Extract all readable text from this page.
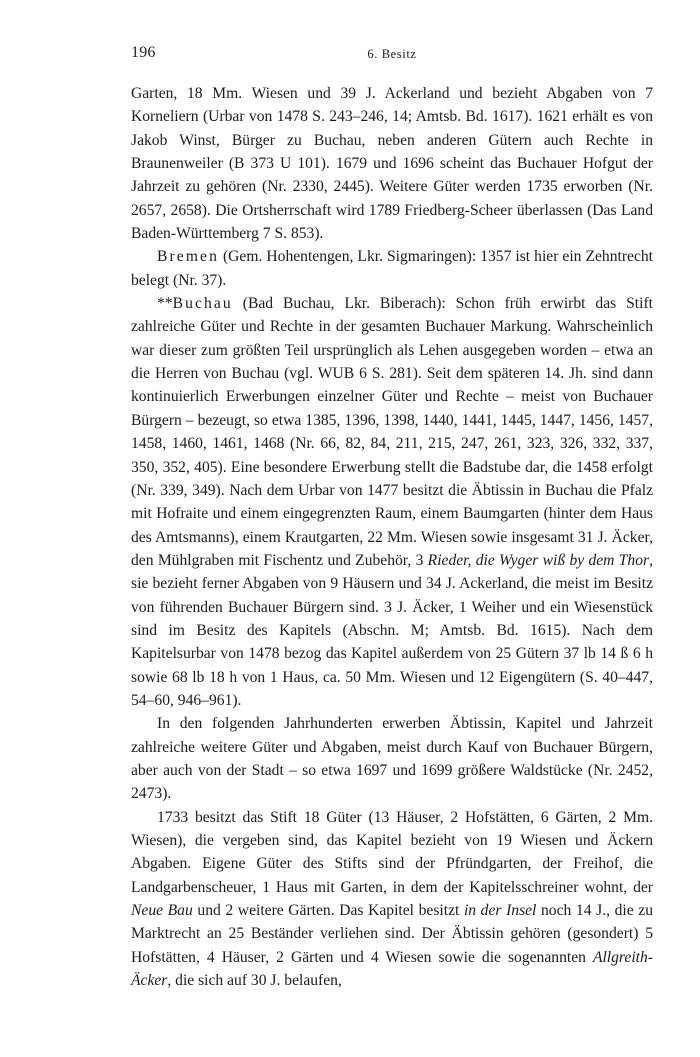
196	6. Besitz

Garten, 18 Mm. Wiesen und 39 J. Ackerland und bezieht Abgaben von 7 Korneliern (Urbar von 1478 S. 243–246, 14; Amtsb. Bd. 1617). 1621 erhält es von Jakob Winst, Bürger zu Buchau, neben anderen Gütern auch Rechte in Braunenweiler (B 373 U 101). 1679 und 1696 scheint das Buchauer Hofgut der Jahrzeit zu gehören (Nr. 2330, 2445). Weitere Güter werden 1735 erworben (Nr. 2657, 2658). Die Ortsherrschaft wird 1789 Friedberg-Scheer überlassen (Das Land Baden-Württemberg 7 S. 853).

Bremen (Gem. Hohentengen, Lkr. Sigmaringen): 1357 ist hier ein Zehntrecht belegt (Nr. 37).

**Buchau (Bad Buchau, Lkr. Biberach): Schon früh erwirbt das Stift zahlreiche Güter und Rechte in der gesamten Buchauer Markung. Wahrscheinlich war dieser zum größten Teil ursprünglich als Lehen ausgegeben worden – etwa an die Herren von Buchau (vgl. WUB 6 S. 281). Seit dem späteren 14. Jh. sind dann kontinuierlich Erwerbungen einzelner Güter und Rechte – meist von Buchauer Bürgern – bezeugt, so etwa 1385, 1396, 1398, 1440, 1441, 1445, 1447, 1456, 1457, 1458, 1460, 1461, 1468 (Nr. 66, 82, 84, 211, 215, 247, 261, 323, 326, 332, 337, 350, 352, 405). Eine besondere Erwerbung stellt die Badstube dar, die 1458 erfolgt (Nr. 339, 349). Nach dem Urbar von 1477 besitzt die Äbtissin in Buchau die Pfalz mit Hofraite und einem eingegrenzten Raum, einem Baumgarten (hinter dem Haus des Amtsmanns), einem Krautgarten, 22 Mm. Wiesen sowie insgesamt 31 J. Äcker, den Mühlgraben mit Fischentz und Zubehör, 3 Rieder, die Wyger wiß by dem Thor, sie bezieht ferner Abgaben von 9 Häusern und 34 J. Ackerland, die meist im Besitz von führenden Buchauer Bürgern sind. 3 J. Äcker, 1 Weiher und ein Wiesenstück sind im Besitz des Kapitels (Abschn. M; Amtsb. Bd. 1615). Nach dem Kapitelsurbar von 1478 bezog das Kapitel außerdem von 25 Gütern 37 lb 14 ß 6 h sowie 68 lb 18 h von 1 Haus, ca. 50 Mm. Wiesen und 12 Eigengütern (S. 40–447, 54–60, 946–961).

In den folgenden Jahrhunderten erwerben Äbtissin, Kapitel und Jahrzeit zahlreiche weitere Güter und Abgaben, meist durch Kauf von Buchauer Bürgern, aber auch von der Stadt – so etwa 1697 und 1699 größere Waldstücke (Nr. 2452, 2473).

1733 besitzt das Stift 18 Güter (13 Häuser, 2 Hofstätten, 6 Gärten, 2 Mm. Wiesen), die vergeben sind, das Kapitel bezieht von 19 Wiesen und Äckern Abgaben. Eigene Güter des Stifts sind der Pfründgarten, der Freihof, die Landgarbenscheuer, 1 Haus mit Garten, in dem der Kapitelsschreiner wohnt, der Neue Bau und 2 weitere Gärten. Das Kapitel besitzt in der Insel noch 14 J., die zu Marktrecht an 25 Beständer verliehen sind. Der Äbtissin gehören (gesondert) 5 Hofstätten, 4 Häuser, 2 Gärten und 4 Wiesen sowie die sogenannten Allgreith-Äcker, die sich auf 30 J. belaufen,
